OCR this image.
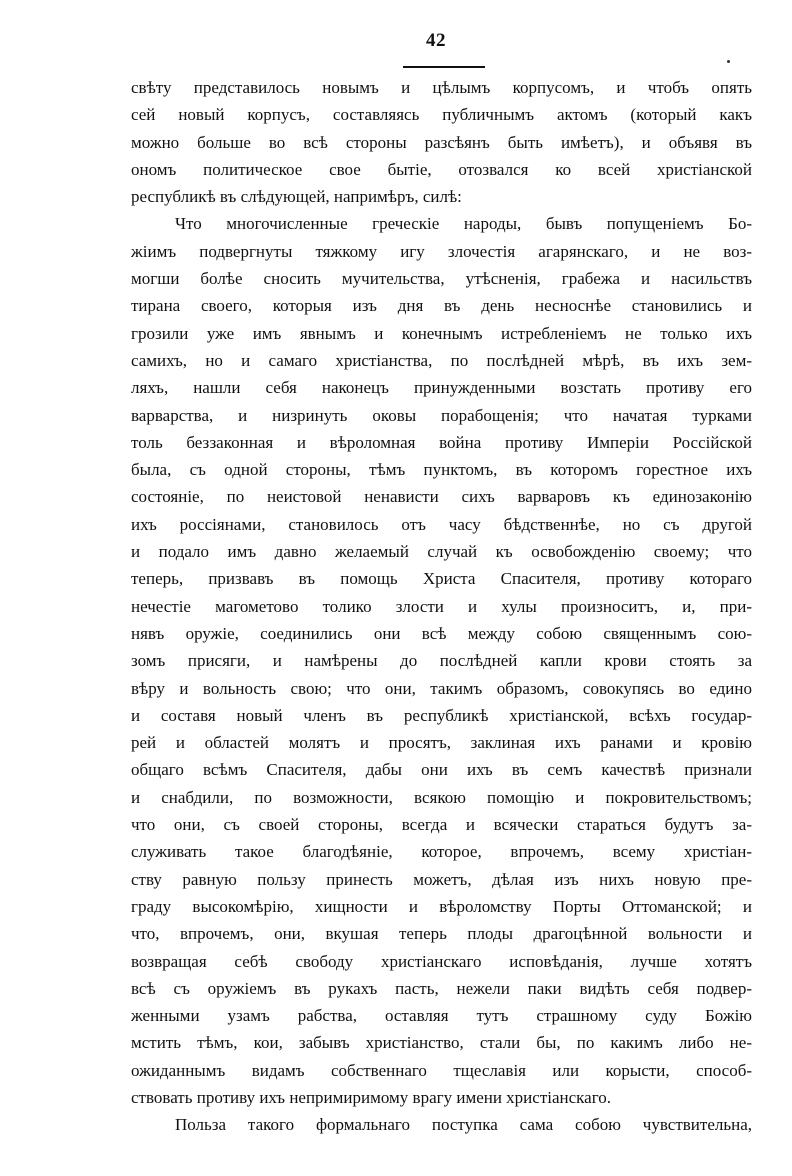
42
свѣту представилось новымъ и цѣлымъ корпусомъ, и чтобъ опять
сей новый корпусъ, составляясь публичнымъ актомъ (который какъ
можно больше во всѣ стороны разсѣянъ быть имѣетъ), и объявя въ
ономъ политическое свое бытіе, отозвался ко всей христіанской
республикѣ въ слѣдующей, напримѣръ, силѣ:
Что многочисленные греческіе народы, бывъ попущеніемъ Бо-
жіимъ подвергнуты тяжкому игу злочестія агарянскаго, и не воз-
могши болѣе сносить мучительства, утѣсненія, грабежа и насильствъ
тирана своего, которыя изъ дня въ день несноснѣе становились и
грозили уже имъ явнымъ и конечнымъ истребленіемъ не только ихъ
самихъ, но и самаго христіанства, по послѣдней мѣрѣ, въ ихъ зем-
ляхъ, нашли себя наконецъ принужденными возстать противу его
варварства, и низринуть оковы порабощенія; что начатая турками
толь беззаконная и вѣроломная война противу Имперіи Россійской
была, съ одной стороны, тѣмъ пунктомъ, въ которомъ горестное ихъ
состояніе, по неистовой ненависти сихъ варваровъ къ единозаконію
ихъ россіянами, становилось отъ часу бѣдственнѣе, но съ другой
и подало имъ давно желаемый случай къ освобожденію своему; что
теперь, призвавъ въ помощь Христа Спасителя, противу котораго
нечестіе магометово толико злости и хулы произноситъ, и, при-
нявъ оружіе, соединились они всѣ между собою священнымъ сою-
зомъ присяги, и намѣрены до послѣдней капли крови стоять за
вѣру и вольность свою; что они, такимъ образомъ, совокупясь во едино
и составя новый членъ въ республикѣ христіанской, всѣхъ государ-
рей и областей молятъ и просятъ, заклиная ихъ ранами и кровію
общаго всѣмъ Спасителя, дабы они ихъ въ семъ качествѣ признали
и снабдили, по возможности, всякою помощію и покровительствомъ;
что они, съ своей стороны, всегда и всячески стараться будутъ за-
служивать такое благодѣяніе, которое, впрочемъ, всему христіан-
ству равную пользу принесть можетъ, дѣлая изъ нихъ новую пре-
граду высокомѣрію, хищности и вѣроломству Порты Оттоманской; и
что, впрочемъ, они, вкушая теперь плоды драгоцѣнной вольности и
возвращая себѣ свободу христіанскаго исповѣданія, лучше хотятъ
всѣ съ оружіемъ въ рукахъ пасть, нежели паки видѣть себя подвер-
женными узамъ рабства, оставляя тутъ страшному суду Божію
мстить тѣмъ, кои, забывъ христіанство, стали бы, по какимъ либо не-
ожиданнымъ видамъ собственнаго тщеславія или корысти, способ-
ствовать противу ихъ непримиримому врагу имени христіанскаго.
Польза такого формальнаго поступка сама собою чувствительна,
